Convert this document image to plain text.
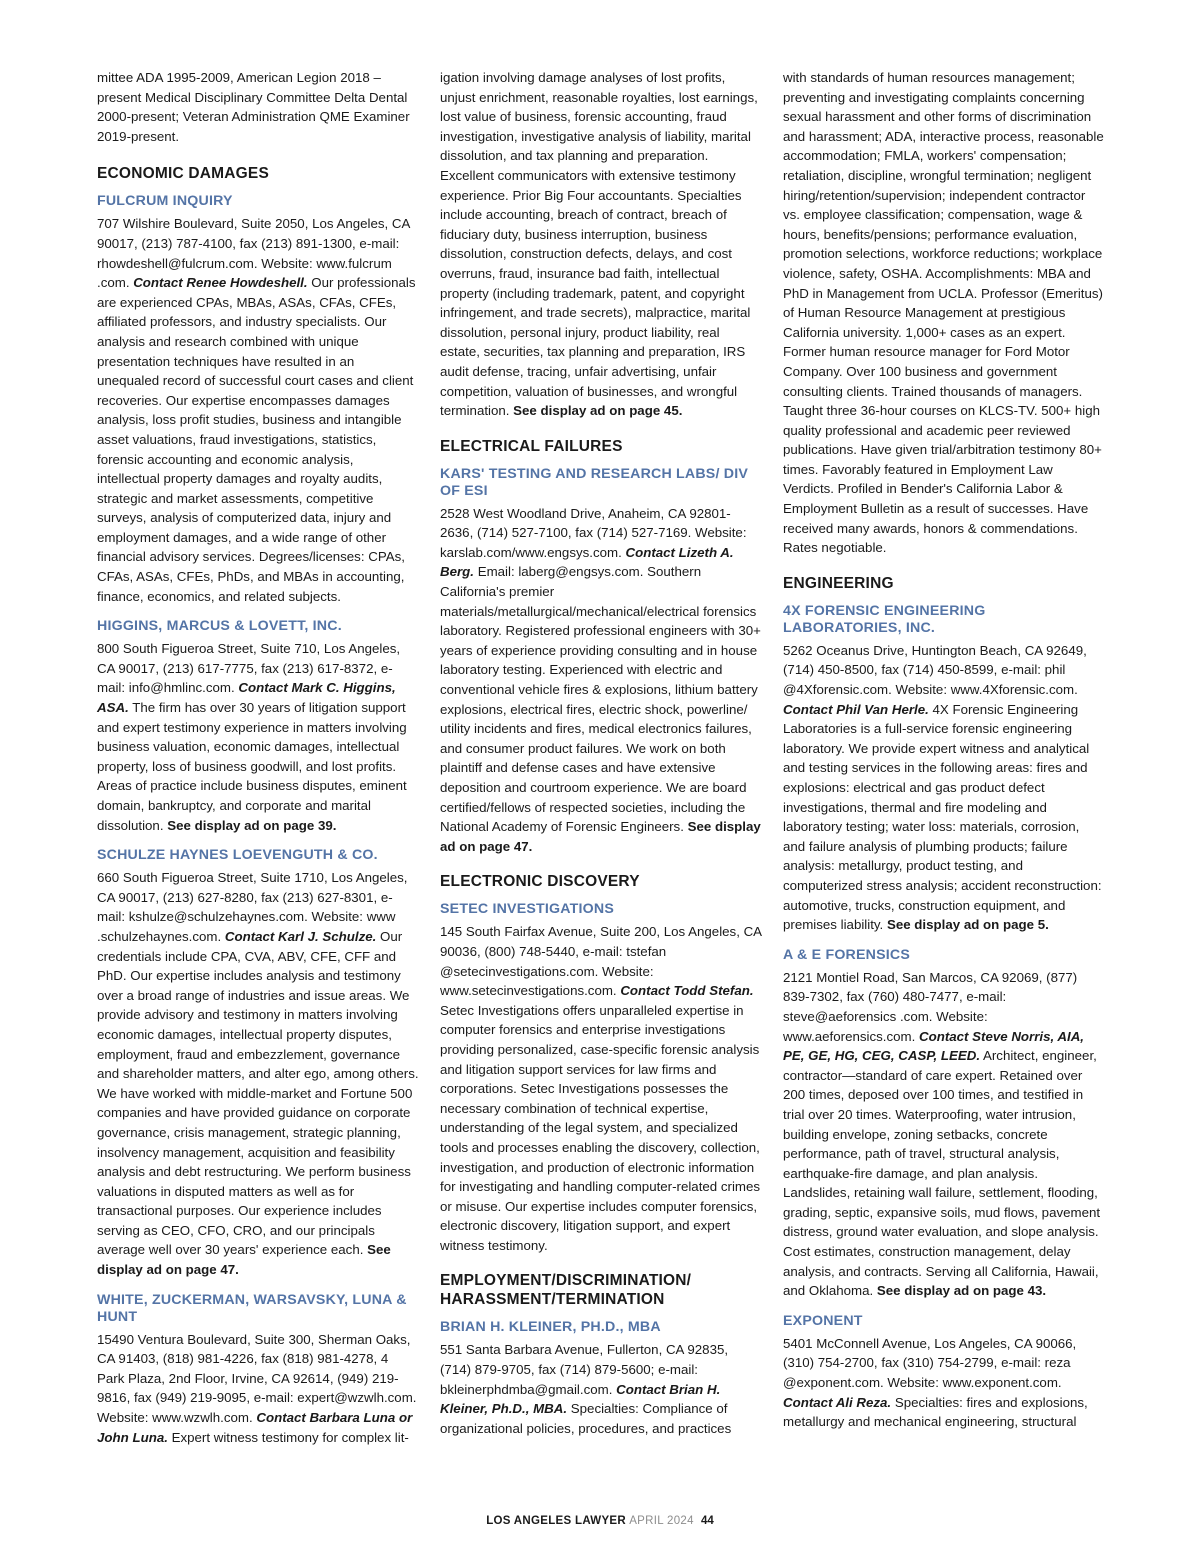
mittee ADA 1995-2009, American Legion 2018 – present Medical Disciplinary Committee Delta Dental 2000-present; Veteran Administration QME Examiner 2019-present.

ECONOMIC DAMAGES
FULCRUM INQUIRY

707 Wilshire Boulevard, Suite 2050, Los Angeles, CA 90017, (213) 787-4100, fax (213) 891-1300, e-mail: rhowdeshell@fulcrum.com. Website: www.fulcrum .com. Contact Renee Howdeshell. Our professionals are experienced CPAs, MBAs, ASAs, CFAs, CFEs, affiliated professors, and industry specialists. Our analysis and research combined with unique presentation techniques have resulted in an unequaled record of successful court cases and client recoveries. Our expertise encompasses damages analysis, loss profit studies, business and intangible asset valuations, fraud investigations, statistics, forensic accounting and economic analysis, intellectual property damages and royalty audits, strategic and market assessments, competitive surveys, analysis of computerized data, injury and employment damages, and a wide range of other financial advisory services. Degrees/licenses: CPAs, CFAs, ASAs, CFEs, PhDs, and MBAs in accounting, finance, economics, and related subjects.

HIGGINS, MARCUS & LOVETT, INC.

800 South Figueroa Street, Suite 710, Los Angeles, CA 90017, (213) 617-7775, fax (213) 617-8372, e-mail: info@hmlinc.com. Contact Mark C. Higgins, ASA. The firm has over 30 years of litigation support and expert testimony experience in matters involving business valuation, economic damages, intellectual property, loss of business goodwill, and lost profits. Areas of practice include business disputes, eminent domain, bankruptcy, and corporate and marital dissolution. See display ad on page 39.

SCHULZE HAYNES LOEVENGUTH & CO.

660 South Figueroa Street, Suite 1710, Los Angeles, CA 90017, (213) 627-8280, fax (213) 627-8301, e-mail: kshulze@schulzehaynes.com. Website: www .schulzehaynes.com. Contact Karl J. Schulze. Our credentials include CPA, CVA, ABV, CFE, CFF and PhD. Our expertise includes analysis and testimony over a broad range of industries and issue areas. We provide advisory and testimony in matters involving economic damages, intellectual property disputes, employment, fraud and embezzlement, governance and shareholder matters, and alter ego, among others. We have worked with middle-market and Fortune 500 companies and have provided guidance on corporate governance, crisis management, strategic planning, insolvency management, acquisition and feasibility analysis and debt restructuring. We perform business valuations in disputed matters as well as for transactional purposes. Our experience includes serving as CEO, CFO, CRO, and our principals average well over 30 years' experience each. See display ad on page 47.

WHITE, ZUCKERMAN, WARSAVSKY, LUNA & HUNT

15490 Ventura Boulevard, Suite 300, Sherman Oaks, CA 91403, (818) 981-4226, fax (818) 981-4278, 4 Park Plaza, 2nd Floor, Irvine, CA 92614, (949) 219-9816, fax (949) 219-9095, e-mail: expert@wzwlh.com. Website: www.wzwlh.com. Contact Barbara Luna or John Luna. Expert witness testimony for complex lit-

igation involving damage analyses of lost profits, unjust enrichment, reasonable royalties, lost earnings, lost value of business, forensic accounting, fraud investigation, investigative analysis of liability, marital dissolution, and tax planning and preparation. Excellent communicators with extensive testimony experience. Prior Big Four accountants. Specialties include accounting, breach of contract, breach of fiduciary duty, business interruption, business dissolution, construction defects, delays, and cost overruns, fraud, insurance bad faith, intellectual property (including trademark, patent, and copyright infringement, and trade secrets), malpractice, marital dissolution, personal injury, product liability, real estate, securities, tax planning and preparation, IRS audit defense, tracing, unfair advertising, unfair competition, valuation of businesses, and wrongful termination. See display ad on page 45.

ELECTRICAL FAILURES
KARS' TESTING AND RESEARCH LABS/ DIV OF ESI

2528 West Woodland Drive, Anaheim, CA 92801-2636, (714) 527-7100, fax (714) 527-7169. Website: karslab.com/www.engsys.com. Contact Lizeth A. Berg. Email: laberg@engsys.com. Southern California's premier materials/metallurgical/mechanical/electrical forensics laboratory. Registered professional engineers with 30+ years of experience providing consulting and in house laboratory testing. Experienced with electric and conventional vehicle fires & explosions, lithium battery explosions, electrical fires, electric shock, powerline/ utility incidents and fires, medical electronics failures, and consumer product failures. We work on both plaintiff and defense cases and have extensive deposition and courtroom experience. We are board certified/fellows of respected societies, including the National Academy of Forensic Engineers. See display ad on page 47.

ELECTRONIC DISCOVERY
SETEC INVESTIGATIONS

145 South Fairfax Avenue, Suite 200, Los Angeles, CA 90036, (800) 748-5440, e-mail: tstefan @setecinvestigations.com. Website: www.setecinvestigations.com. Contact Todd Stefan. Setec Investigations offers unparalleled expertise in computer forensics and enterprise investigations providing personalized, case-specific forensic analysis and litigation support services for law firms and corporations. Setec Investigations possesses the necessary combination of technical expertise, understanding of the legal system, and specialized tools and processes enabling the discovery, collection, investigation, and production of electronic information for investigating and handling computer-related crimes or misuse. Our expertise includes computer forensics, electronic discovery, litigation support, and expert witness testimony.

EMPLOYMENT/DISCRIMINATION/ HARASSMENT/TERMINATION
BRIAN H. KLEINER, PH.D., MBA

551 Santa Barbara Avenue, Fullerton, CA 92835, (714) 879-9705, fax (714) 879-5600; e-mail: bkleinerphdmba@gmail.com. Contact Brian H. Kleiner, Ph.D., MBA. Specialties: Compliance of organizational policies, procedures, and practices

with standards of human resources management; preventing and investigating complaints concerning sexual harassment and other forms of discrimination and harassment; ADA, interactive process, reasonable accommodation; FMLA, workers' compensation; retaliation, discipline, wrongful termination; negligent hiring/retention/supervision; independent contractor vs. employee classification; compensation, wage & hours, benefits/pensions; performance evaluation, promotion selections, workforce reductions; workplace violence, safety, OSHA. Accomplishments: MBA and PhD in Management from UCLA. Professor (Emeritus) of Human Resource Management at prestigious California university. 1,000+ cases as an expert. Former human resource manager for Ford Motor Company. Over 100 business and government consulting clients. Trained thousands of managers. Taught three 36-hour courses on KLCS-TV. 500+ high quality professional and academic peer reviewed publications. Have given trial/arbitration testimony 80+ times. Favorably featured in Employment Law Verdicts. Profiled in Bender's California Labor & Employment Bulletin as a result of successes. Have received many awards, honors & commendations. Rates negotiable.

ENGINEERING
4X FORENSIC ENGINEERING LABORATORIES, INC.

5262 Oceanus Drive, Huntington Beach, CA 92649, (714) 450-8500, fax (714) 450-8599, e-mail: phil @4Xforensic.com. Website: www.4Xforensic.com. Contact Phil Van Herle. 4X Forensic Engineering Laboratories is a full-service forensic engineering laboratory. We provide expert witness and analytical and testing services in the following areas: fires and explosions: electrical and gas product defect investigations, thermal and fire modeling and laboratory testing; water loss: materials, corrosion, and failure analysis of plumbing products; failure analysis: metallurgy, product testing, and computerized stress analysis; accident reconstruction: automotive, trucks, construction equipment, and premises liability. See display ad on page 5.

A & E FORENSICS

2121 Montiel Road, San Marcos, CA 92069, (877) 839-7302, fax (760) 480-7477, e-mail: steve@aeforensics .com. Website: www.aeforensics.com. Contact Steve Norris, AIA, PE, GE, HG, CEG, CASP, LEED. Architect, engineer, contractor—standard of care expert. Retained over 200 times, deposed over 100 times, and testified in trial over 20 times. Waterproofing, water intrusion, building envelope, zoning setbacks, concrete performance, path of travel, structural analysis, earthquake-fire damage, and plan analysis. Landslides, retaining wall failure, settlement, flooding, grading, septic, expansive soils, mud flows, pavement distress, ground water evaluation, and slope analysis. Cost estimates, construction management, delay analysis, and contracts. Serving all California, Hawaii, and Oklahoma. See display ad on page 43.

EXPONENT

5401 McConnell Avenue, Los Angeles, CA 90066, (310) 754-2700, fax (310) 754-2799, e-mail: reza @exponent.com. Website: www.exponent.com. Contact Ali Reza. Specialties: fires and explosions, metallurgy and mechanical engineering, structural

LOS ANGELES LAWYER APRIL 2024 44
